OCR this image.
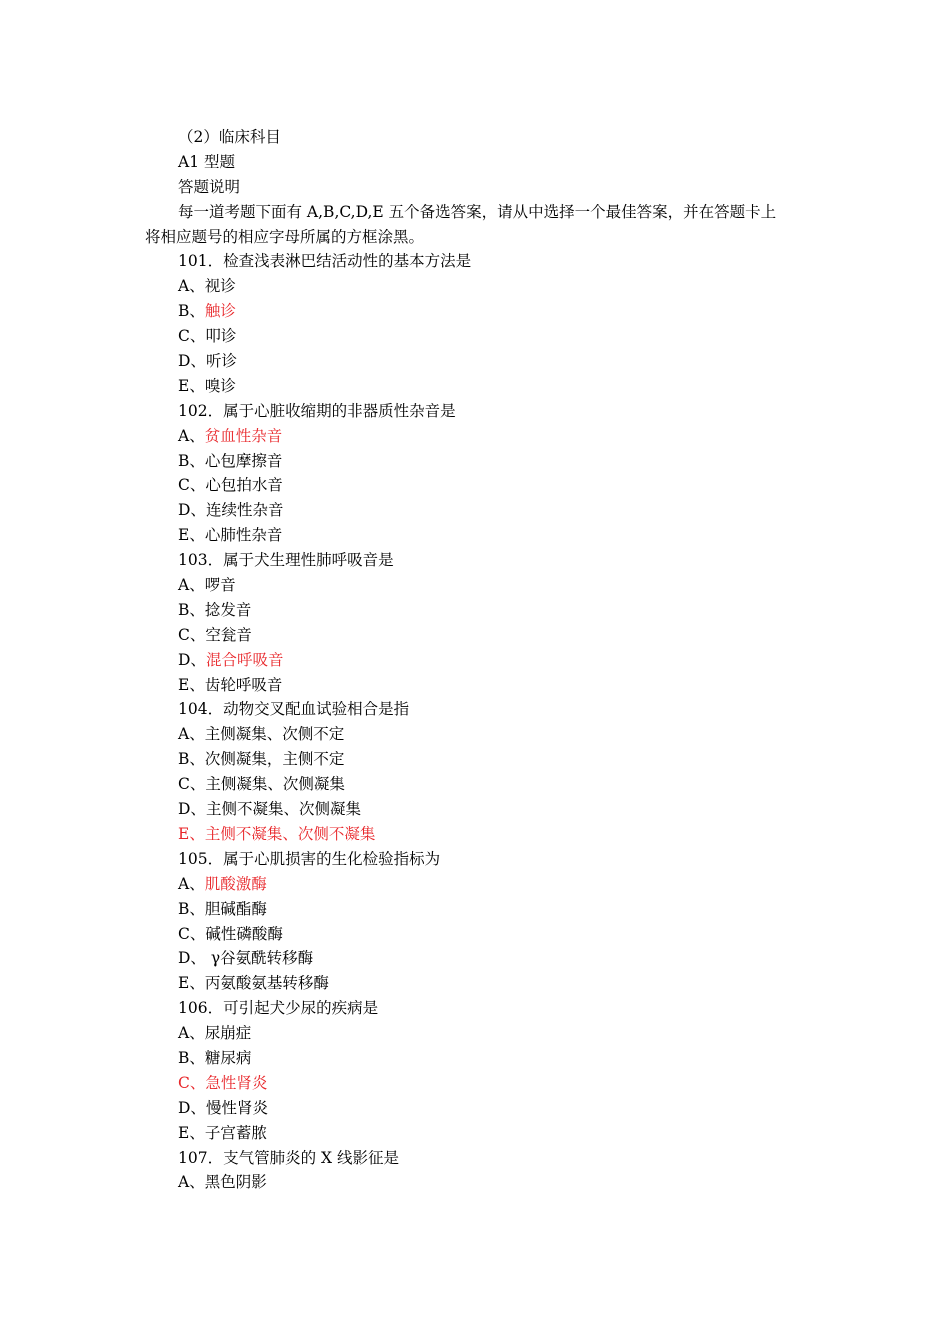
（2）临床科目
A1 型题
答题说明
每一道考题下面有 A,B,C,D,E 五个备选答案，请从中选择一个最佳答案，并在答题卡上
将相应题号的相应字母所属的方框涂黑。
101．检查浅表淋巴结活动性的基本方法是
A、视诊
B、触诊
C、叩诊
D、听诊
E、嗅诊
102．属于心脏收缩期的非器质性杂音是
A、贫血性杂音
B、心包摩擦音
C、心包拍水音
D、连续性杂音
E、心肺性杂音
103．属于犬生理性肺呼吸音是
A、啰音
B、捻发音
C、空瓮音
D、混合呼吸音
E、齿轮呼吸音
104．动物交叉配血试验相合是指
A、主侧凝集、次侧不定
B、次侧凝集，主侧不定
C、主侧凝集、次侧凝集
D、主侧不凝集、次侧凝集
E、主侧不凝集、次侧不凝集
105．属于心肌损害的生化检验指标为
A、肌酸激酶
B、胆碱酯酶
C、碱性磷酸酶
D、 γ谷氨酰转移酶
E、丙氨酸氨基转移酶
106．可引起犬少尿的疾病是
A、尿崩症
B、糖尿病
C、急性肾炎
D、慢性肾炎
E、子宫蓄脓
107．支气管肺炎的 X 线影征是
A、黑色阴影
